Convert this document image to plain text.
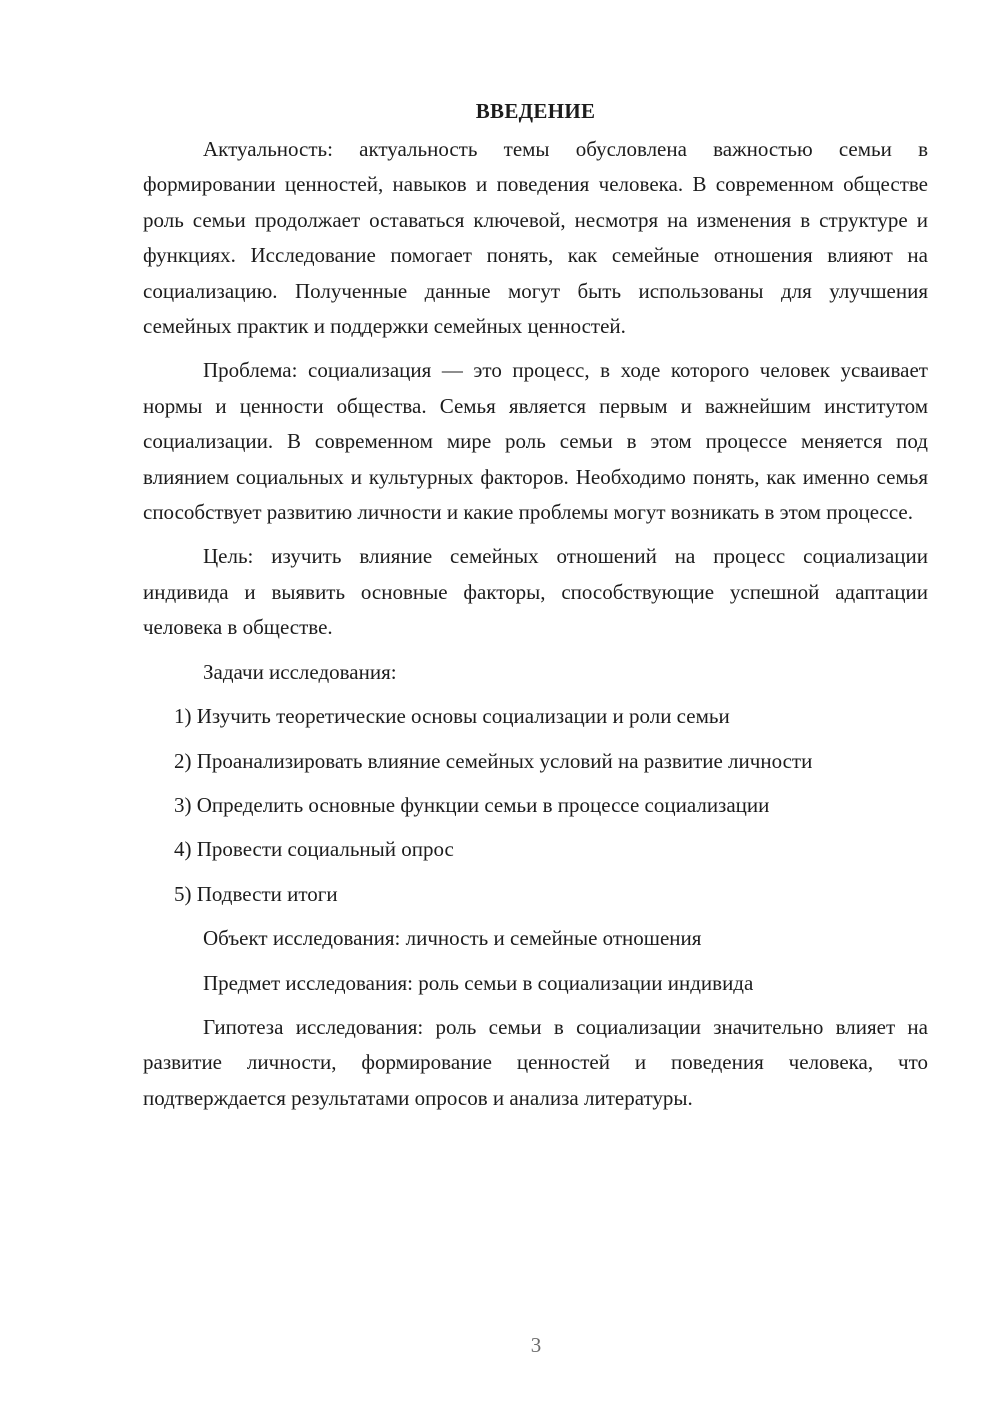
ВВЕДЕНИЕ

Актуальность: актуальность темы обусловлена важностью семьи в формировании ценностей, навыков и поведения человека. В современном обществе роль семьи продолжает оставаться ключевой, несмотря на изменения в структуре и функциях. Исследование помогает понять, как семейные отношения влияют на социализацию. Полученные данные могут быть использованы для улучшения семейных практик и поддержки семейных ценностей.

Проблема: социализация — это процесс, в ходе которого человек усваивает нормы и ценности общества. Семья является первым и важнейшим институтом социализации. В современном мире роль семьи в этом процессе меняется под влиянием социальных и культурных факторов. Необходимо понять, как именно семья способствует развитию личности и какие проблемы могут возникать в этом процессе.

Цель: изучить влияние семейных отношений на процесс социализации индивида и выявить основные факторы, способствующие успешной адаптации человека в обществе.

Задачи исследования:

1) Изучить теоретические основы социализации и роли семьи

2) Проанализировать влияние семейных условий на развитие личности

3) Определить основные функции семьи в процессе социализации

4) Провести социальный опрос

5) Подвести итоги

Объект исследования: личность и семейные отношения

Предмет исследования: роль семьи в социализации индивида

Гипотеза исследования: роль семьи в социализации значительно влияет на развитие личности, формирование ценностей и поведения человека, что подтверждается результатами опросов и анализа литературы.

3
